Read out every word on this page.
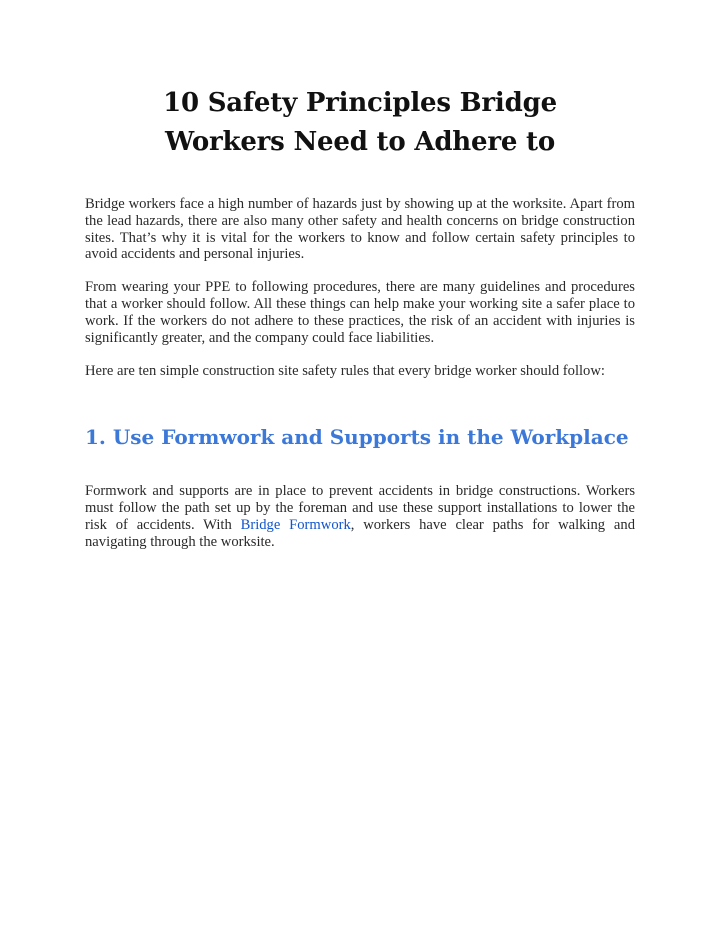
10 Safety Principles Bridge
Workers Need to Adhere to

Bridge workers face a high number of hazards just by showing up at the worksite. Apart from the lead hazards, there are also many other safety and health concerns on bridge construction sites. That’s why it is vital for the workers to know and follow certain safety principles to avoid accidents and personal injuries.

From wearing your PPE to following procedures, there are many guidelines and procedures that a worker should follow. All these things can help make your working site a safer place to work. If the workers do not adhere to these practices, the risk of an accident with injuries is significantly greater, and the company could face liabilities.

Here are ten simple construction site safety rules that every bridge worker should follow:

1. Use Formwork and Supports in the Workplace

Formwork and supports are in place to prevent accidents in bridge constructions. Workers must follow the path set up by the foreman and use these support installations to lower the risk of accidents. With Bridge Formwork, workers have clear paths for walking and navigating through the worksite.
